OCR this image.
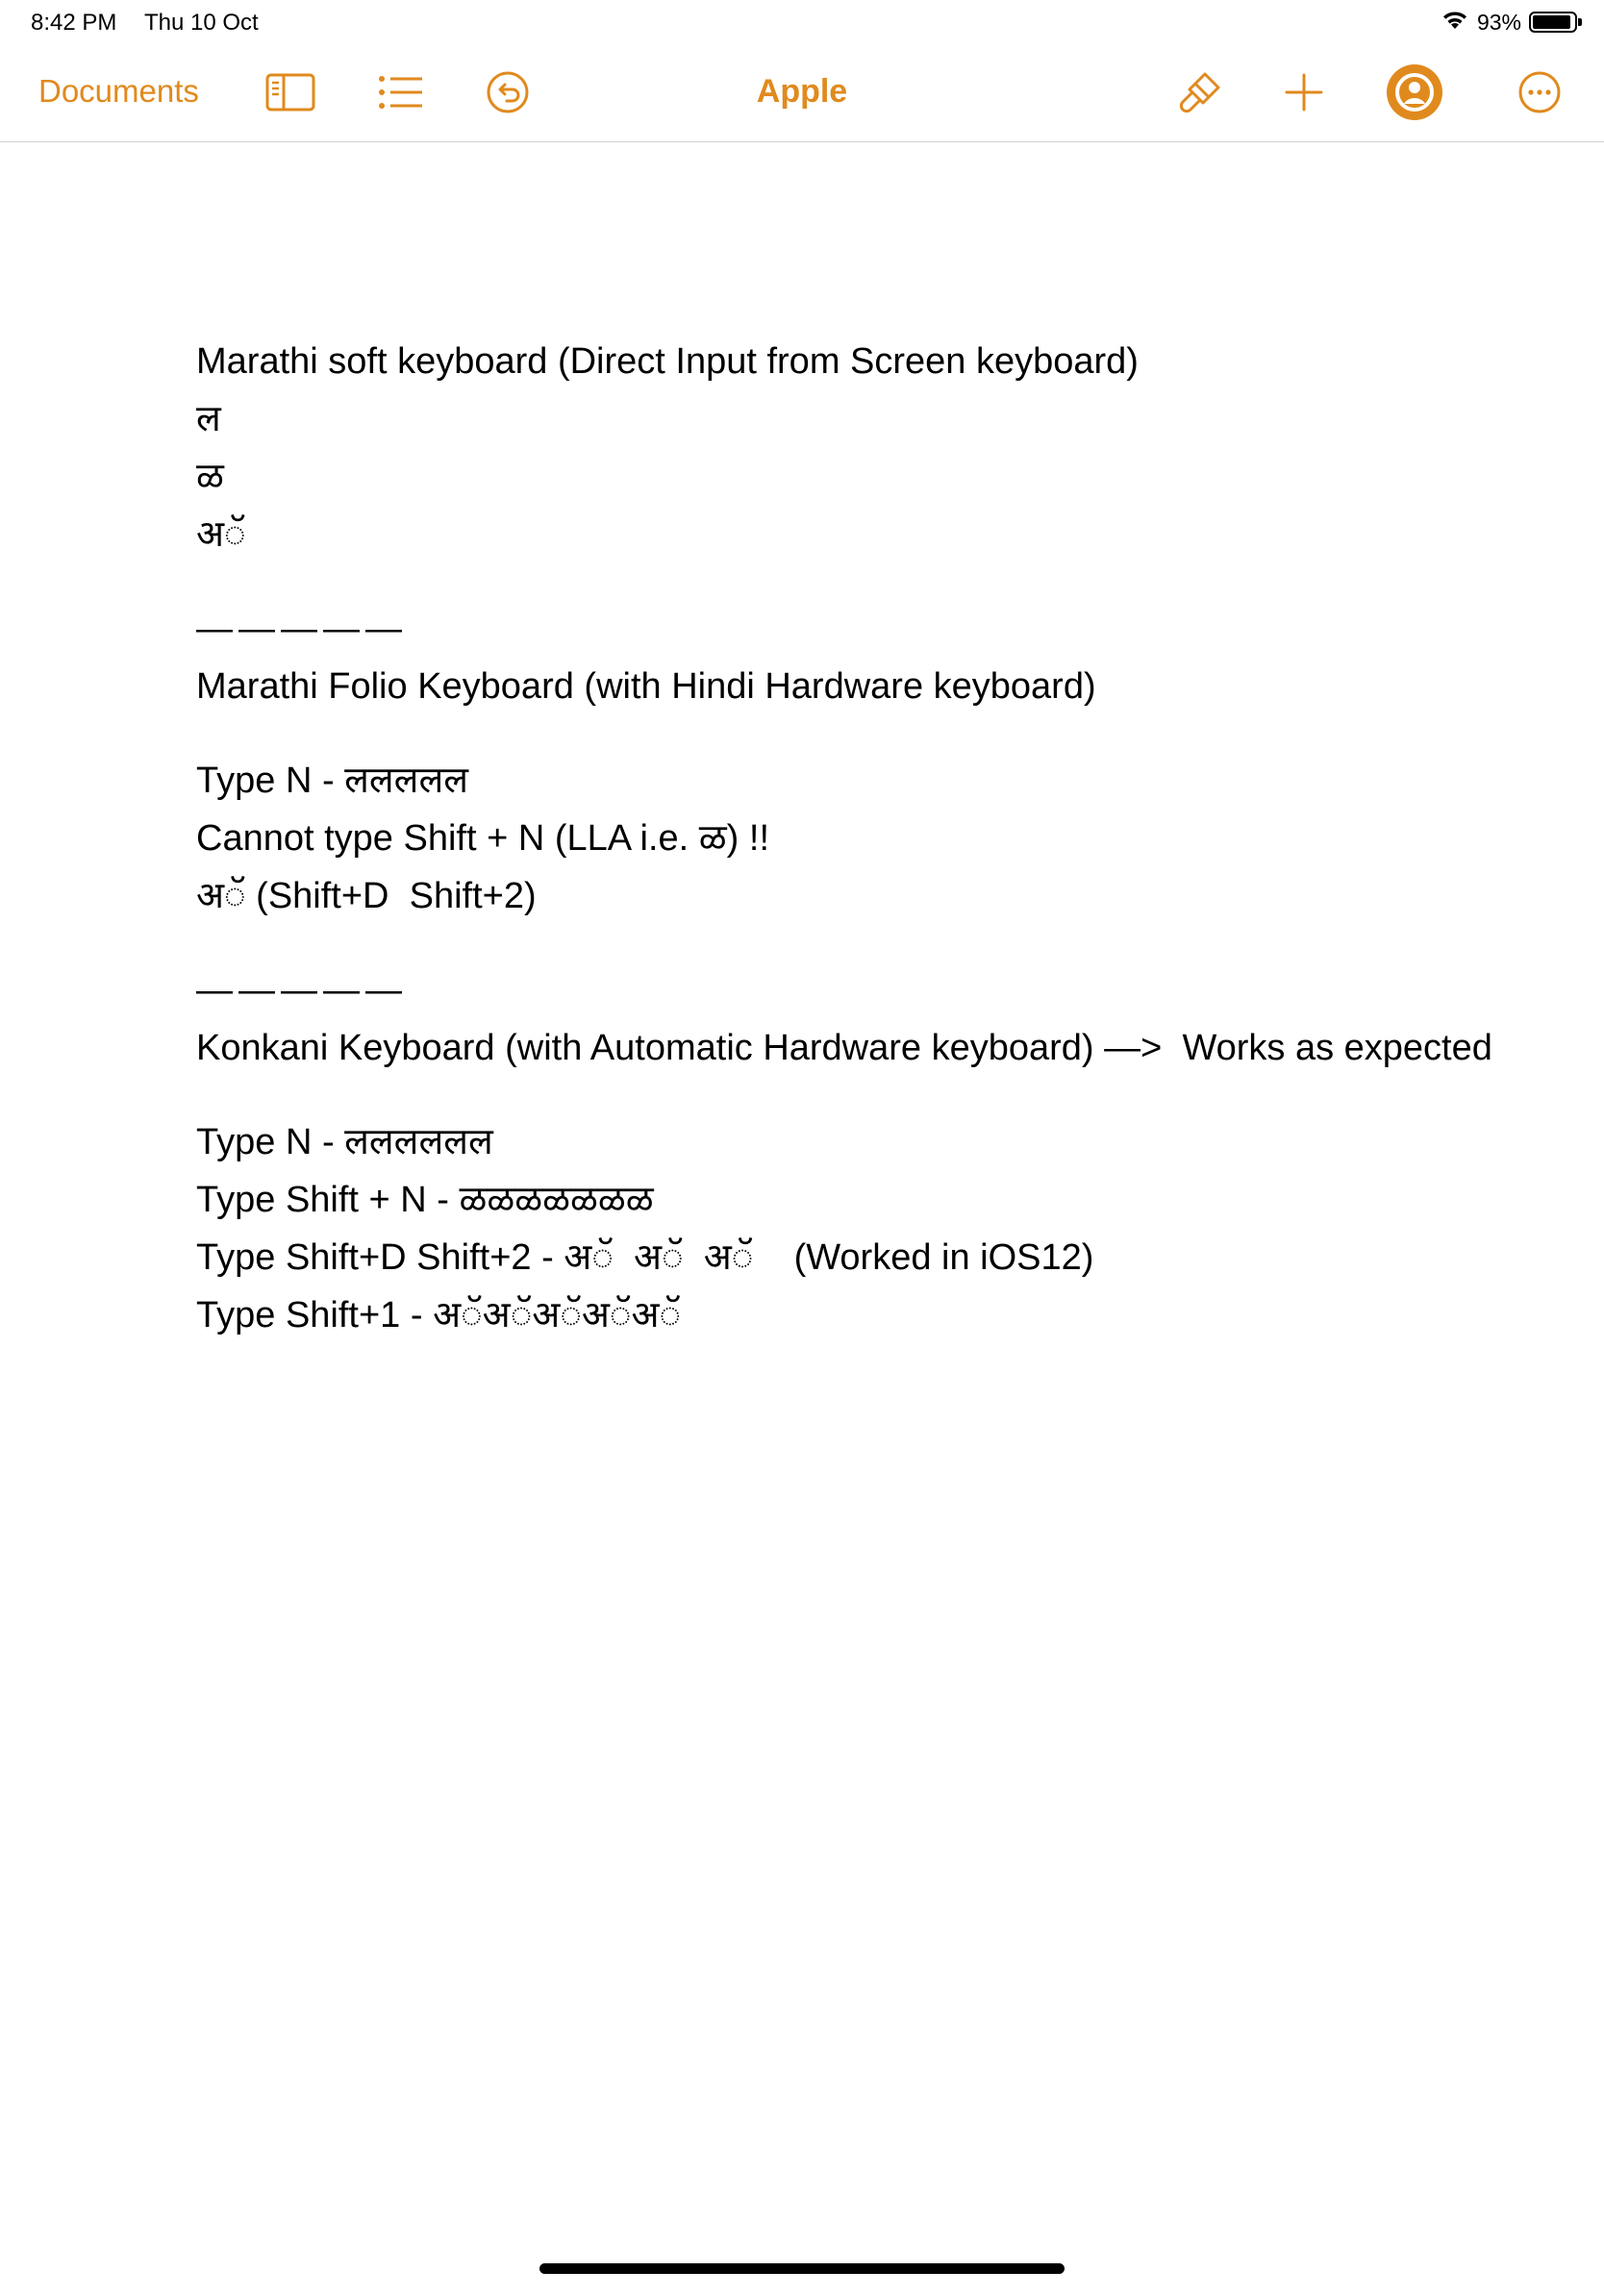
8:42 PM Thu 10 Oct	93%
Documents	Apple
Marathi soft keyboard (Direct Input from Screen keyboard)
ल
ळ
अॅ
—————
Marathi Folio Keyboard (with Hindi Hardware keyboard)
Type N - ललललल
Cannot type Shift + N (LLA i.e. ळ) !!
अ◌ॅ (Shift+D  Shift+2)
—————
Konkani Keyboard (with Automatic Hardware keyboard) —>  Works as expected
Type N - लललललल
Type Shift + N - ळळळळळळळ
Type Shift+D Shift+2 - अ◌ॅ  अ◌ॅ  अ◌ॅ    (Worked in iOS12)
Type Shift+1 - अॅअॅअॅअॅअॅ
